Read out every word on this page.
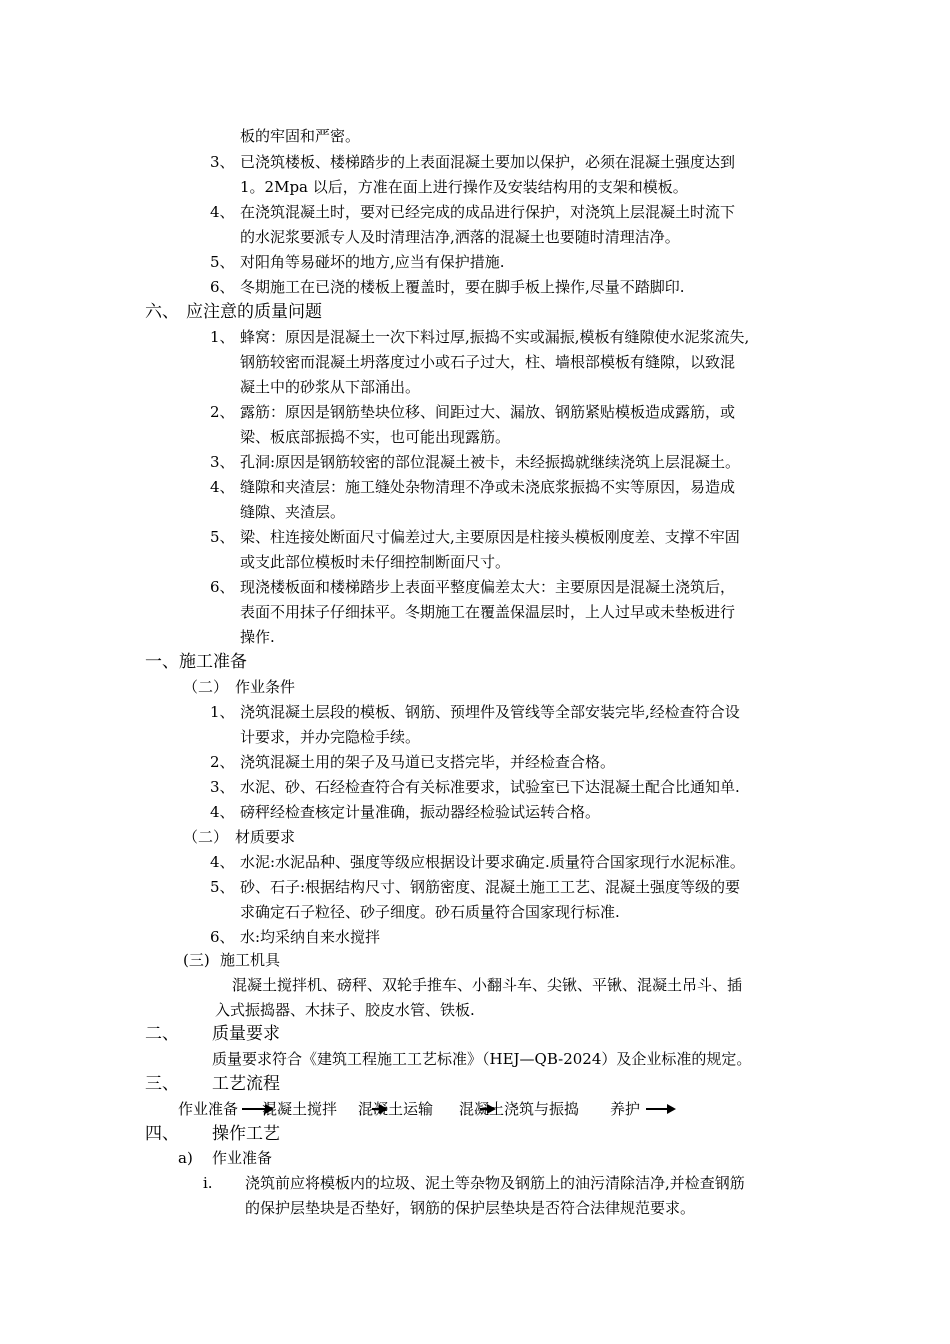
板的牢固和严密。
3、 已浇筑楼板、楼梯踏步的上表面混凝土要加以保护，必须在混凝土强度达到
1。2Mpa 以后，方准在面上进行操作及安装结构用的支架和模板。
4、 在浇筑混凝土时，要对已经完成的成品进行保护，对浇筑上层混凝土时流下
的水泥浆要派专人及时清理洁净,洒落的混凝土也要随时清理洁净。
5、 对阳角等易碰坏的地方,应当有保护措施.
6、 冬期施工在已浇的楼板上覆盖时，要在脚手板上操作,尽量不踏脚印.
六、 应注意的质量问题
1、 蜂窝：原因是混凝土一次下料过厚,振捣不实或漏振,模板有缝隙使水泥浆流失,
钢筋较密而混凝土坍落度过小或石子过大，柱、墙根部模板有缝隙，以致混
凝土中的砂浆从下部涌出。
2、 露筋：原因是钢筋垫块位移、间距过大、漏放、钢筋紧贴模板造成露筋，或
梁、板底部振捣不实，也可能出现露筋。
3、 孔洞:原因是钢筋较密的部位混凝土被卡，未经振捣就继续浇筑上层混凝土。
4、 缝隙和夹渣层：施工缝处杂物清理不净或未浇底浆振捣不实等原因，易造成
缝隙、夹渣层。
5、 梁、柱连接处断面尺寸偏差过大,主要原因是柱接头模板刚度差、支撑不牢固
或支此部位模板时未仔细控制断面尺寸。
6、 现浇楼板面和楼梯踏步上表面平整度偏差太大：主要原因是混凝土浇筑后，
表面不用抹子仔细抹平。冬期施工在覆盖保温层时，上人过早或未垫板进行
操作.
一、施工准备
（二） 作业条件
1、 浇筑混凝土层段的模板、钢筋、预埋件及管线等全部安装完毕,经检查符合设
计要求，并办完隐检手续。
2、 浇筑混凝土用的架子及马道已支搭完毕，并经检查合格。
3、 水泥、砂、石经检查符合有关标准要求，试验室已下达混凝土配合比通知单.
4、 磅秤经检查核定计量准确，振动器经检验试运转合格。
（二） 材质要求
4、 水泥:水泥品种、强度等级应根据设计要求确定.质量符合国家现行水泥标准。
5、 砂、石子:根据结构尺寸、钢筋密度、混凝土施工工艺、混凝土强度等级的要
求确定石子粒径、砂子细度。砂石质量符合国家现行标准.
6、 水:均采纳自来水搅拌
(三) 施工机具
混凝土搅拌机、磅秤、双轮手推车、小翻斗车、尖锹、平锹、混凝土吊斗、插
入式振捣器、木抹子、胶皮水管、铁板.
二、 质量要求
质量要求符合《建筑工程施工工艺标准》（HEJ—QB-2024）及企业标准的规定。
三、 工艺流程
作业准备 混凝土搅拌 混凝土运输 混凝土浇筑与振捣 养护
四、 操作工艺
a) 作业准备
i. 浇筑前应将模板内的垃圾、泥土等杂物及钢筋上的油污清除洁净,并检查钢筋
的保护层垫块是否垫好，钢筋的保护层垫块是否符合法律规范要求。
